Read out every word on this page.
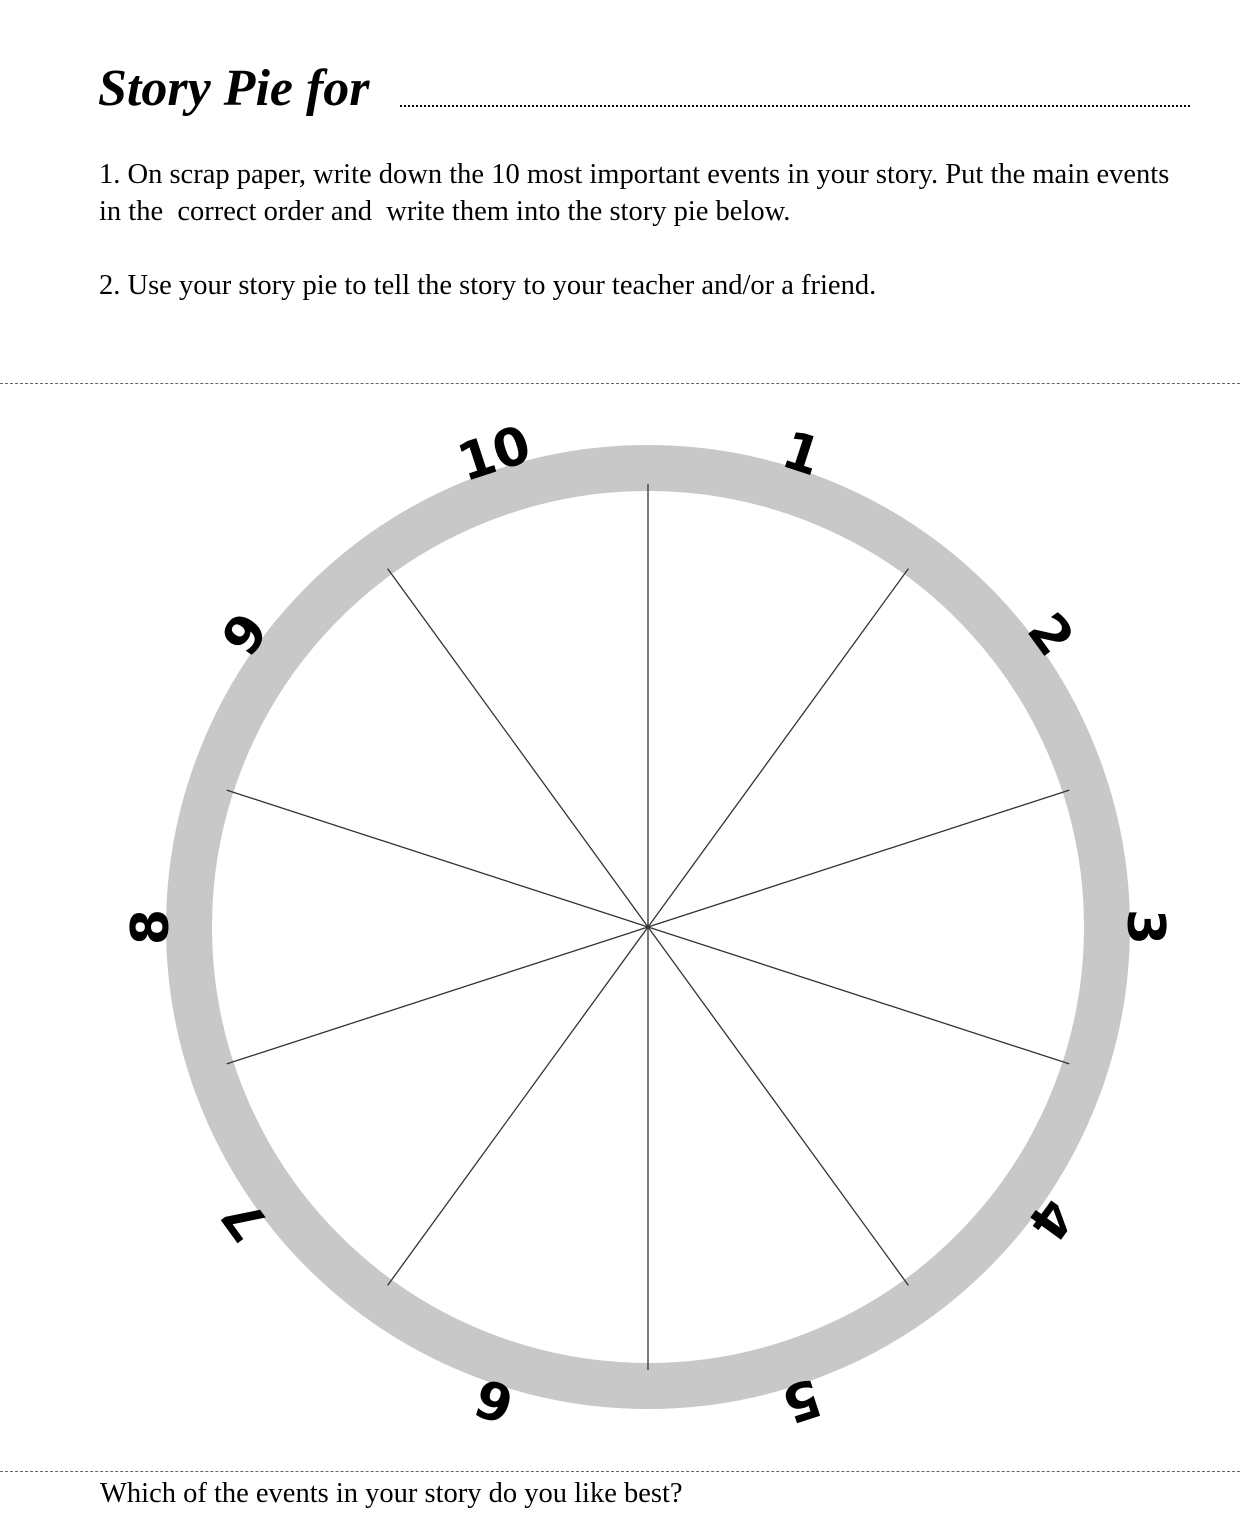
Story Pie for

1. On scrap paper, write down the 10 most important events in your story. Put the main events in the  correct order and  write them into the story pie below.

2. Use your story pie to tell the story to your teacher and/or a friend.

1
2
3
4
5
6
7
8
9
10
Which of the events in your story do you like best?
